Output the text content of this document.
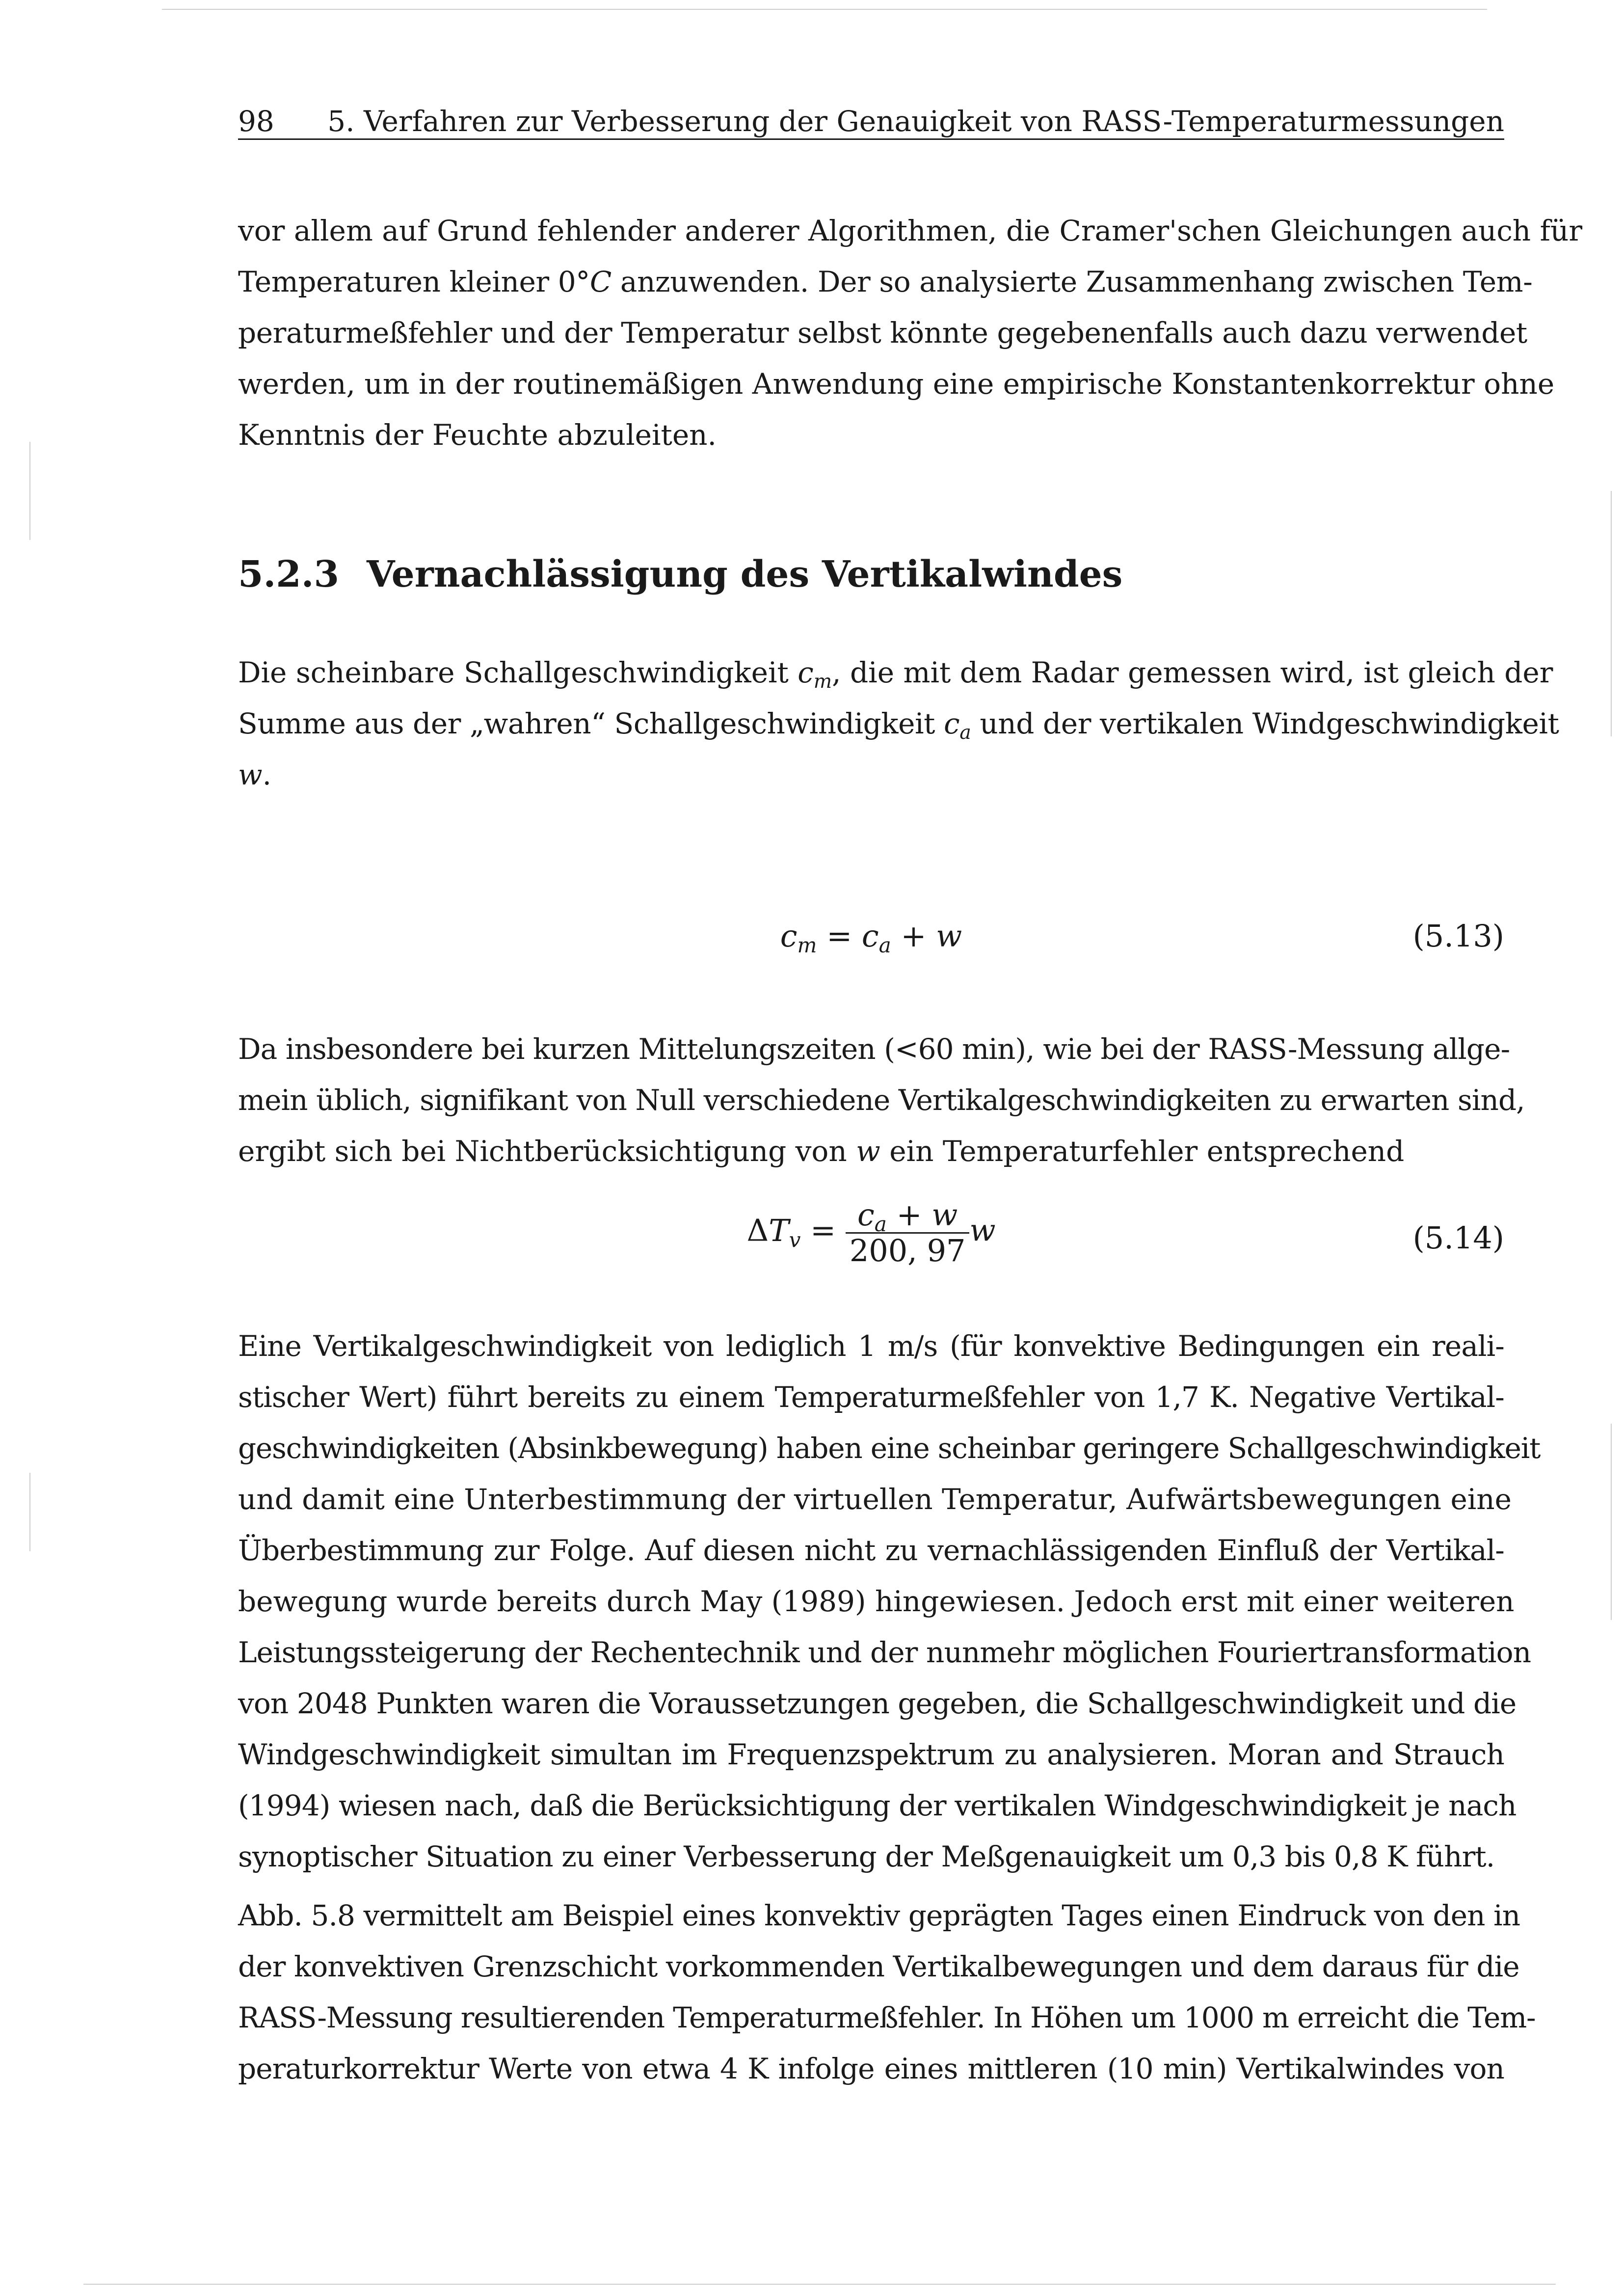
98 5. Verfahren zur Verbesserung der Genauigkeit von RASS-Temperaturmessungen

vor allem auf Grund fehlender anderer Algorithmen, die Cramer'schen Gleichungen auch für
Temperaturen kleiner 0°C anzuwenden. Der so analysierte Zusammenhang zwischen Tem-
peraturmeßfehler und der Temperatur selbst könnte gegebenenfalls auch dazu verwendet
werden, um in der routinemäßigen Anwendung eine empirische Konstantenkorrektur ohne
Kenntnis der Feuchte abzuleiten.

5.2.3 Vernachlässigung des Vertikalwindes

Die scheinbare Schallgeschwindigkeit $c_m$, die mit dem Radar gemessen wird, ist gleich der
Summe aus der „wahren“ Schallgeschwindigkeit $c_a$ und der vertikalen Windgeschwindigkeit
w.

$c_m = c_a + w$	(5.13)

Da insbesondere bei kurzen Mittelungszeiten (<60 min), wie bei der RASS-Messung allge-
mein üblich, signifikant von Null verschiedene Vertikalgeschwindigkeiten zu erwarten sind,
ergibt sich bei Nichtberücksichtigung von w ein Temperaturfehler entsprechend

$\Delta T_v = \frac{c_a + w}{200, 97}$ w	(5.14)

Eine Vertikalgeschwindigkeit von lediglich 1 m/s (für konvektive Bedingungen ein reali-
stischer Wert) führt bereits zu einem Temperaturmeßfehler von 1,7 K. Negative Vertikal-
geschwindigkeiten (Absinkbewegung) haben eine scheinbar geringere Schallgeschwindigkeit
und damit eine Unterbestimmung der virtuellen Temperatur, Aufwärtsbewegungen eine
Überbestimmung zur Folge. Auf diesen nicht zu vernachlässigenden Einfluß der Vertikal-
bewegung wurde bereits durch May (1989) hingewiesen. Jedoch erst mit einer weiteren
Leistungssteigerung der Rechentechnik und der nunmehr möglichen Fouriertransformation
von 2048 Punkten waren die Voraussetzungen gegeben, die Schallgeschwindigkeit und die
Windgeschwindigkeit simultan im Frequenzspektrum zu analysieren. Moran and Strauch
(1994) wiesen nach, daß die Berücksichtigung der vertikalen Windgeschwindigkeit je nach
synoptischer Situation zu einer Verbesserung der Meßgenauigkeit um 0,3 bis 0,8 K führt.

Abb. 5.8 vermittelt am Beispiel eines konvektiv geprägten Tages einen Eindruck von den in
der konvektiven Grenzschicht vorkommenden Vertikalbewegungen und dem daraus für die
RASS-Messung resultierenden Temperaturmeßfehler. In Höhen um 1000 m erreicht die Tem-
peraturkorrektur Werte von etwa 4 K infolge eines mittleren (10 min) Vertikalwindes von
